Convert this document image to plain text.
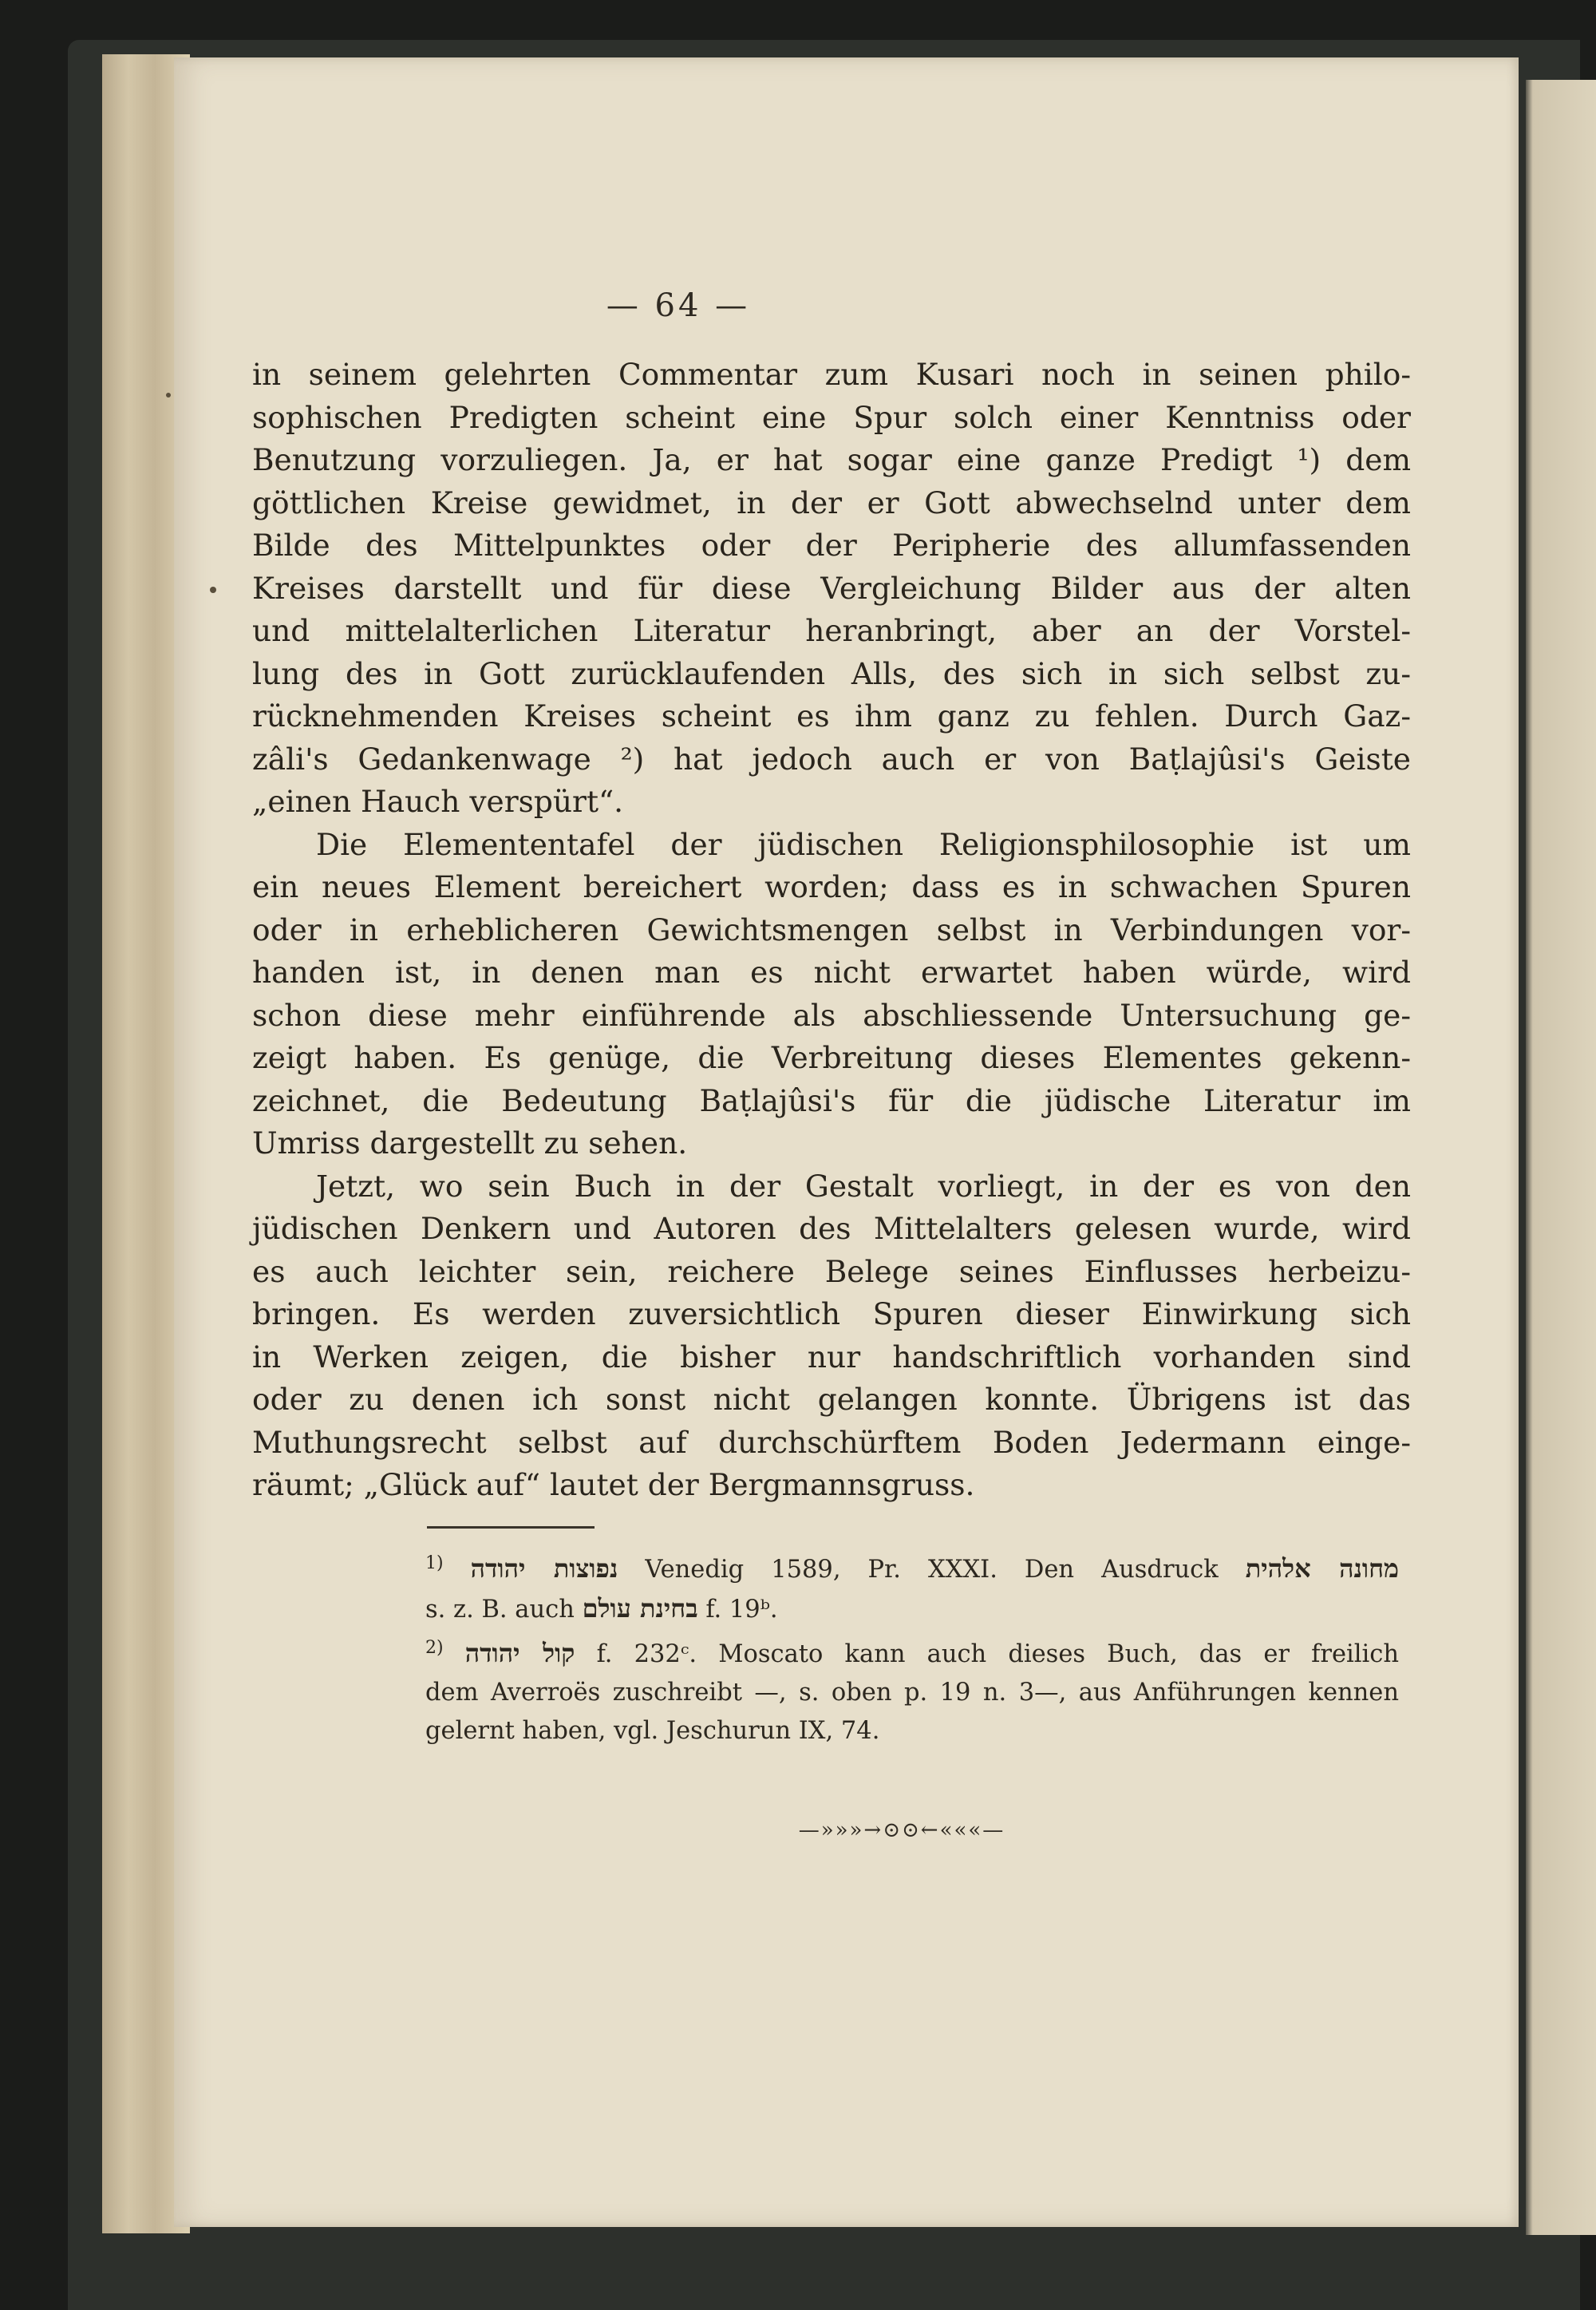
— 64 —
in seinem gelehrten Commentar zum Kusari noch in seinen philo-
sophischen Predigten scheint eine Spur solch einer Kenntniss oder
Benutzung vorzuliegen. Ja, er hat sogar eine ganze Predigt ¹) dem
göttlichen Kreise gewidmet, in der er Gott abwechselnd unter dem
Bilde des Mittelpunktes oder der Peripherie des allumfassenden
Kreises darstellt und für diese Vergleichung Bilder aus der alten
und mittelalterlichen Literatur heranbringt, aber an der Vorstel-
lung des in Gott zurücklaufenden Alls, des sich in sich selbst zu-
rücknehmenden Kreises scheint es ihm ganz zu fehlen. Durch Gaz-
zâli's Gedankenwage ²) hat jedoch auch er von Baṭlajûsi's Geiste
„einen Hauch verspürt“.
Die Elemententafel der jüdischen Religionsphilosophie ist um
ein neues Element bereichert worden; dass es in schwachen Spuren
oder in erheblicheren Gewichtsmengen selbst in Verbindungen vor-
handen ist, in denen man es nicht erwartet haben würde, wird
schon diese mehr einführende als abschliessende Untersuchung ge-
zeigt haben. Es genüge, die Verbreitung dieses Elementes gekenn-
zeichnet, die Bedeutung Baṭlajûsi's für die jüdische Literatur im
Umriss dargestellt zu sehen.
Jetzt, wo sein Buch in der Gestalt vorliegt, in der es von den
jüdischen Denkern und Autoren des Mittelalters gelesen wurde, wird
es auch leichter sein, reichere Belege seines Einflusses herbeizu-
bringen. Es werden zuversichtlich Spuren dieser Einwirkung sich
in Werken zeigen, die bisher nur handschriftlich vorhanden sind
oder zu denen ich sonst nicht gelangen konnte. Übrigens ist das
Muthungsrecht selbst auf durchschürftem Boden Jedermann einge-
räumt; „Glück auf“ lautet der Bergmannsgruss.
$^{1)}$ נפוצות יהודה Venedig 1589, Pr. XXXI. Den Ausdruck מחונה אלהית
s. z. B. auch בחינת עולם f. 19ᵇ.
$^{2)}$ קול יהודה f. 232ᶜ. Moscato kann auch dieses Buch, das er freilich
dem Averroës zuschreibt —, s. oben p. 19 n. 3—, aus Anführungen kennen
gelernt haben, vgl. Jeschurun IX, 74.
—»»»→⊙⊙←«««—
